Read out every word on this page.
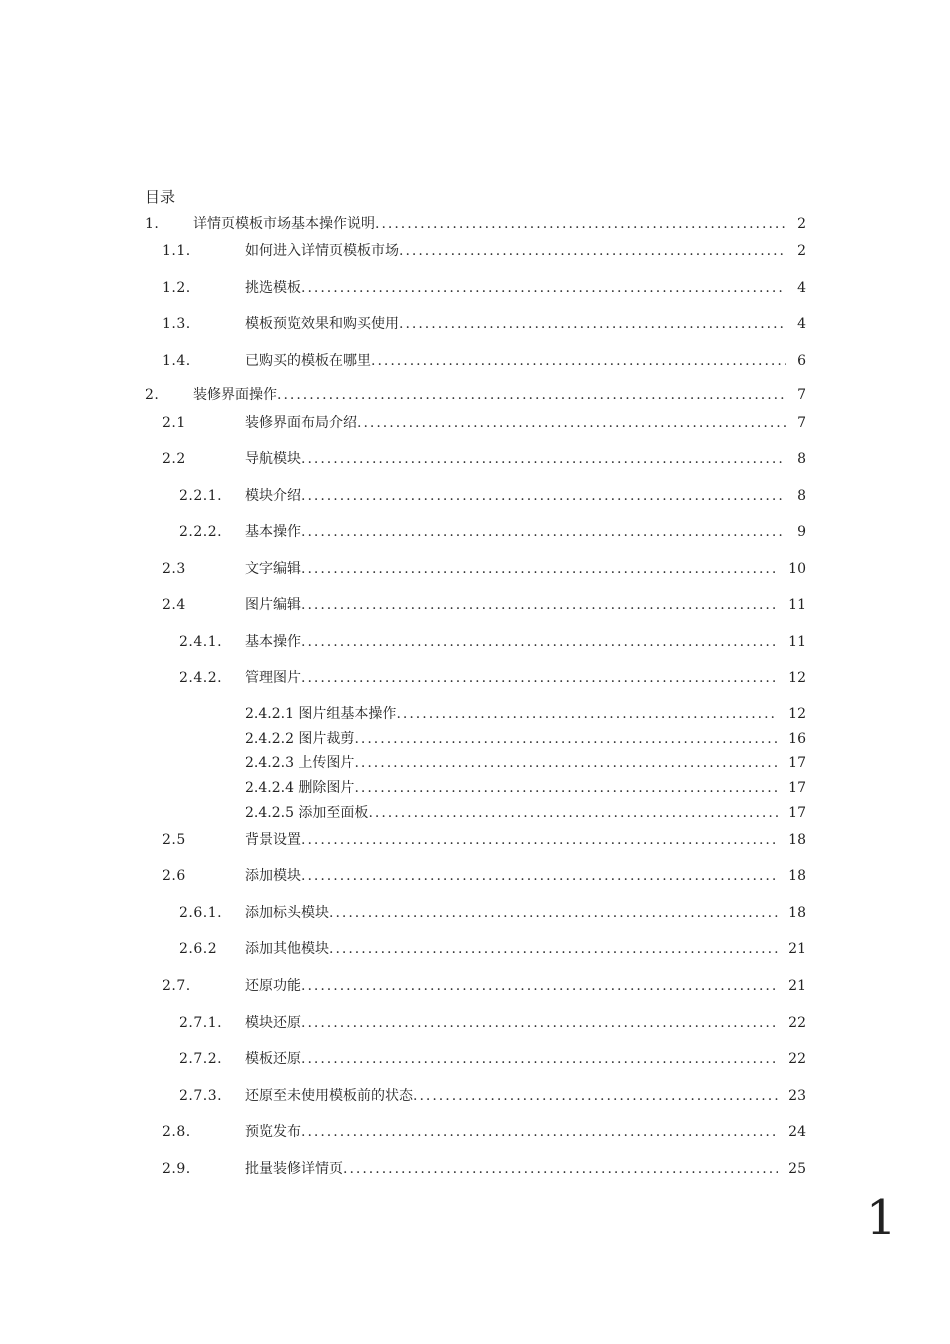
目录
1. 详情页模板市场基本操作说明 .....	2
1.1.	如何进入详情页模板市场 .....	2
1.2.	挑选模板 .....	4
1.3.	模板预览效果和购买使用 .....	4
1.4.	已购买的模板在哪里 .....	6
2. 装修界面操作 .....	7
2.1	装修界面布局介绍 .....	7
2.2	导航模块 .....	8
2.2.1. 模块介绍 .....	8
2.2.2. 基本操作 .....	9
2.3	文字编辑 .....	10
2.4	图片编辑 .....	11
2.4.1. 基本操作 .....	11
2.4.2. 管理图片 .....	12
2.4.2.1 图片组基本操作 .....	12
2.4.2.2 图片裁剪 .....	16
2.4.2.3 上传图片 .....	17
2.4.2.4 删除图片 .....	17
2.4.2.5 添加至面板 .....	17
2.5	背景设置 .....	18
2.6	添加模块 .....	18
2.6.1. 添加标头模块 .....	18
2.6.2 添加其他模块 .....	21
2.7.	还原功能 .....	21
2.7.1. 模块还原 .....	22
2.7.2. 模板还原 .....	22
2.7.3. 还原至未使用模板前的状态 .....	23
2.8.	预览发布 .....	24
2.9.	批量装修详情页 .....	25
1
